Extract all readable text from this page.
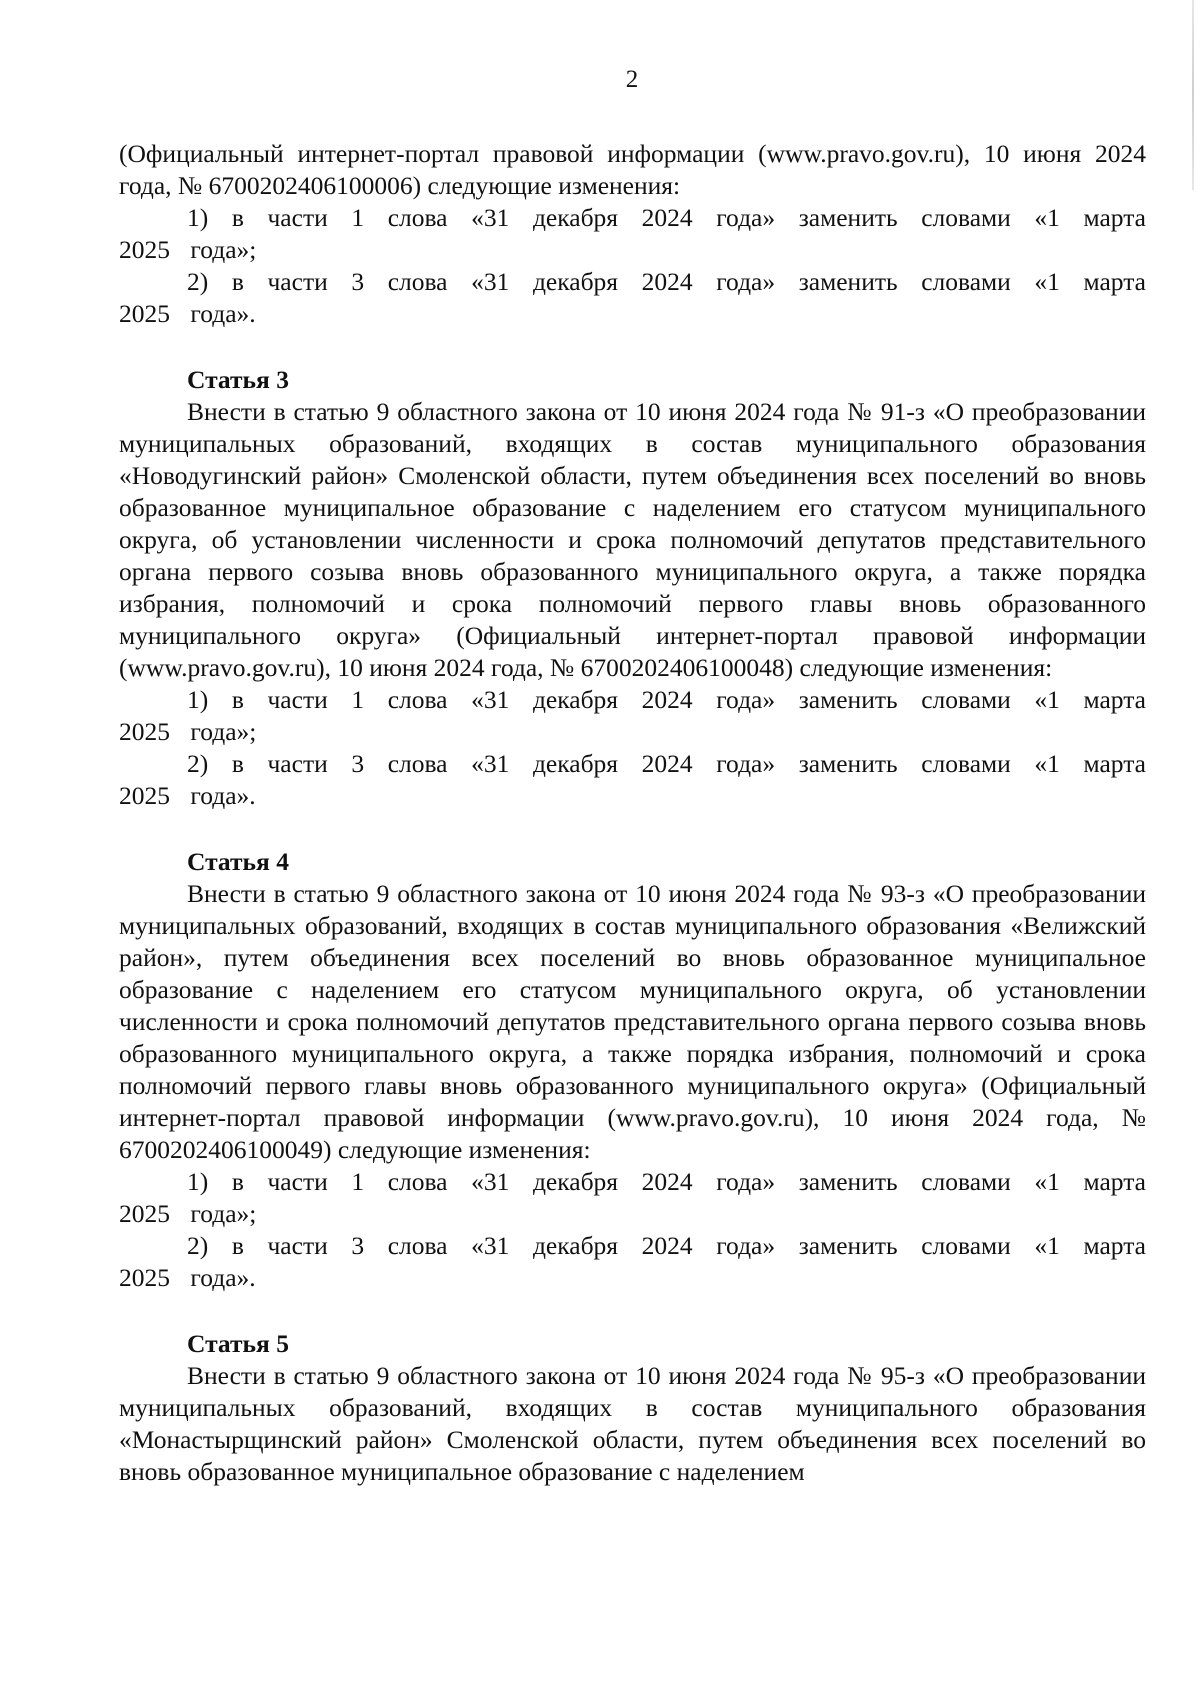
2

(Официальный интернет-портал правовой информации (www.pravo.gov.ru), 10 июня 2024 года, № 6700202406100006) следующие изменения:

1) в части 1 слова «31 декабря 2024 года» заменить словами «1 марта 2025 года»;

2) в части 3 слова «31 декабря 2024 года» заменить словами «1 марта 2025 года».

Статья 3

Внести в статью 9 областного закона от 10 июня 2024 года № 91-з «О преобразовании муниципальных образований, входящих в состав муниципального образования «Новодугинский район» Смоленской области, путем объединения всех поселений во вновь образованное муниципальное образование с наделением его статусом муниципального округа, об установлении численности и срока полномочий депутатов представительного органа первого созыва вновь образованного муниципального округа, а также порядка избрания, полномочий и срока полномочий первого главы вновь образованного муниципального округа» (Официальный интернет-портал правовой информации (www.pravo.gov.ru), 10 июня 2024 года, № 6700202406100048) следующие изменения:

1) в части 1 слова «31 декабря 2024 года» заменить словами «1 марта 2025 года»;

2) в части 3 слова «31 декабря 2024 года» заменить словами «1 марта 2025 года».

Статья 4

Внести в статью 9 областного закона от 10 июня 2024 года № 93-з «О преобразовании муниципальных образований, входящих в состав муниципального образования «Велижский район», путем объединения всех поселений во вновь образованное муниципальное образование с наделением его статусом муниципального округа, об установлении численности и срока полномочий депутатов представительного органа первого созыва вновь образованного муниципального округа, а также порядка избрания, полномочий и срока полномочий первого главы вновь образованного муниципального округа» (Официальный интернет-портал правовой информации (www.pravo.gov.ru), 10 июня 2024 года, № 6700202406100049) следующие изменения:

1) в части 1 слова «31 декабря 2024 года» заменить словами «1 марта 2025 года»;

2) в части 3 слова «31 декабря 2024 года» заменить словами «1 марта 2025 года».

Статья 5

Внести в статью 9 областного закона от 10 июня 2024 года № 95-з «О преобразовании муниципальных образований, входящих в состав муниципального образования «Монастырщинский район» Смоленской области, путем объединения всех поселений во вновь образованное муниципальное образование с наделением
